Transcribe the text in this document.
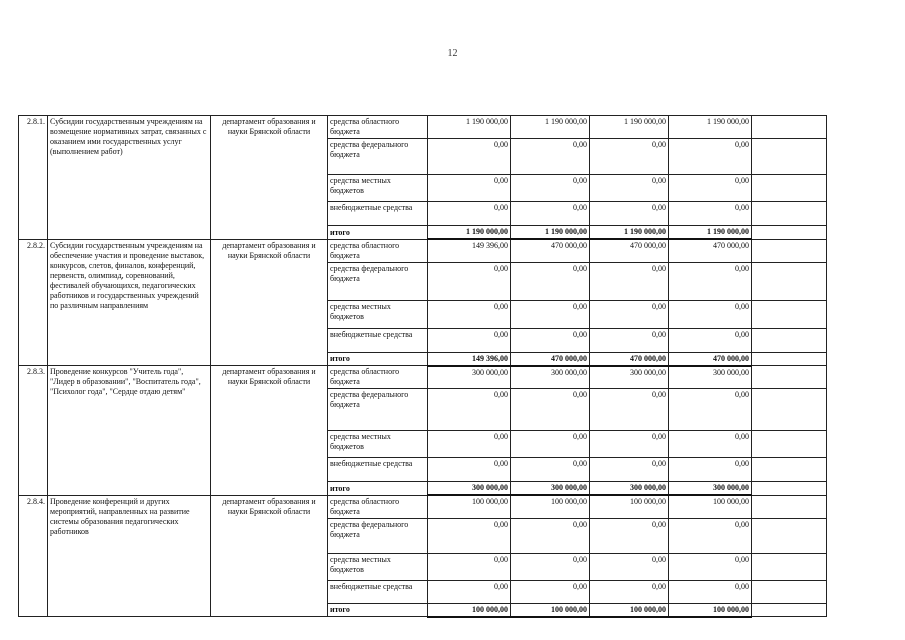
12
2.8.1.	Субсидии государственным учреждениям на возмещение нормативных затрат, связанных с оказанием ими государственных услуг (выполнением работ)	департамент образования и науки Брянской области	средства областного бюджета	1 190 000,00	1 190 000,00	1 190 000,00	1 190 000,00	
			средства федерального бюджета	0,00	0,00	0,00	0,00	
			средства местных бюджетов	0,00	0,00	0,00	0,00	
			внебюджетные средства	0,00	0,00	0,00	0,00	
			итого	1 190 000,00	1 190 000,00	1 190 000,00	1 190 000,00	
2.8.2.	Субсидии государственным учреждениям на обеспечение участия и проведение выставок, конкурсов, слетов, финалов, конференций, первенств, олимпиад, соревнований, фестивалей обучающихся, педагогических работников и государственных учреждений по различным направлениям	департамент образования и науки Брянской области	средства областного бюджета	149 396,00	470 000,00	470 000,00	470 000,00	
			средства федерального бюджета	0,00	0,00	0,00	0,00	
			средства местных бюджетов	0,00	0,00	0,00	0,00	
			внебюджетные средства	0,00	0,00	0,00	0,00	
			итого	149 396,00	470 000,00	470 000,00	470 000,00	
2.8.3.	Проведение конкурсов "Учитель года", "Лидер в образовании", "Воспитатель года", "Психолог года", "Сердце отдаю детям"	департамент образования и науки Брянской области	средства областного бюджета	300 000,00	300 000,00	300 000,00	300 000,00	
			средства федерального бюджета	0,00	0,00	0,00	0,00	
			средства местных бюджетов	0,00	0,00	0,00	0,00	
			внебюджетные средства	0,00	0,00	0,00	0,00	
			итого	300 000,00	300 000,00	300 000,00	300 000,00	
2.8.4.	Проведение конференций и других мероприятий, направленных на развитие системы образования педагогических работников	департамент образования и науки Брянской области	средства областного бюджета	100 000,00	100 000,00	100 000,00	100 000,00	
			средства федерального бюджета	0,00	0,00	0,00	0,00	
			средства местных бюджетов	0,00	0,00	0,00	0,00	
			внебюджетные средства	0,00	0,00	0,00	0,00	
			итого	100 000,00	100 000,00	100 000,00	100 000,00	
